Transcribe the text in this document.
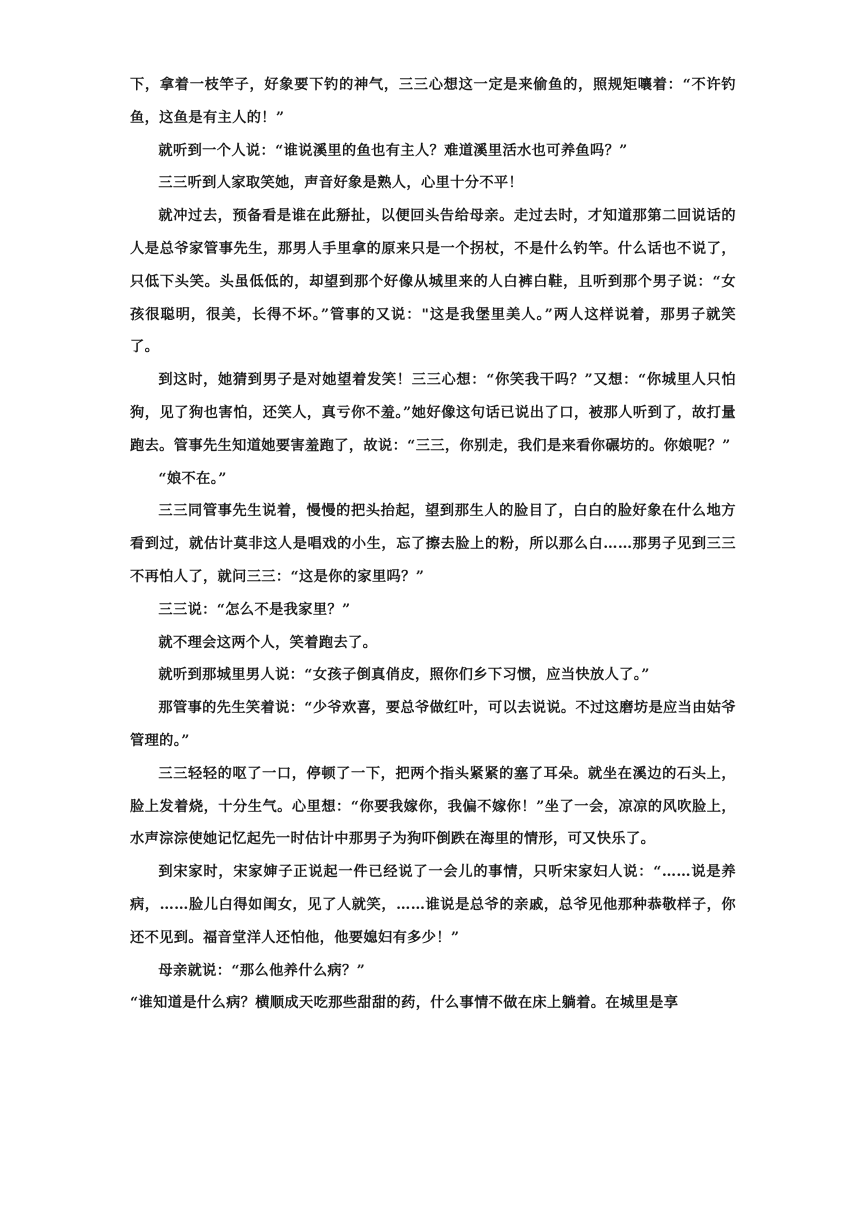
下，拿着一枝竿子，好象要下钓的神气，三三心想这一定是来偷鱼的，照规矩嚷着：“不许钓鱼，这鱼是有主人的！”

就听到一个人说：“谁说溪里的鱼也有主人？难道溪里活水也可养鱼吗？”

三三听到人家取笑她，声音好象是熟人，心里十分不平！

就冲过去，预备看是谁在此掰扯，以便回头告给母亲。走过去时，才知道那第二回说话的人是总爷家管事先生，那男人手里拿的原来只是一个拐杖，不是什么钓竿。什么话也不说了，只低下头笑。头虽低低的，却望到那个好像从城里来的人白裤白鞋，且听到那个男子说：“女孩很聪明，很美，长得不坏。”管事的又说："这是我堡里美人。”两人这样说着，那男子就笑了。

到这时，她猜到男子是对她望着发笑！三三心想：“你笑我干吗？”又想：“你城里人只怕狗，见了狗也害怕，还笑人，真亏你不羞。”她好像这句话已说出了口，被那人听到了，故打量跑去。管事先生知道她要害羞跑了，故说：“三三，你别走，我们是来看你碾坊的。你娘呢？”

“娘不在。”

三三同管事先生说着，慢慢的把头抬起，望到那生人的脸目了，白白的脸好象在什么地方看到过，就估计莫非这人是唱戏的小生，忘了擦去脸上的粉，所以那么白……那男子见到三三不再怕人了，就问三三：“这是你的家里吗？”

三三说：“怎么不是我家里？”

就不理会这两个人，笑着跑去了。

就听到那城里男人说：“女孩子倒真俏皮，照你们乡下习惯，应当快放人了。”

那管事的先生笑着说：“少爷欢喜，要总爷做红叶，可以去说说。不过这磨坊是应当由姑爷管理的。”

三三轻轻的呕了一口，停顿了一下，把两个指头紧紧的塞了耳朵。就坐在溪边的石头上，脸上发着烧，十分生气。心里想：“你要我嫁你，我偏不嫁你！”坐了一会，凉凉的风吹脸上，水声淙淙使她记忆起先一时估计中那男子为狗吓倒跌在海里的情形，可又快乐了。

到宋家时，宋家婶子正说起一件已经说了一会儿的事情，只听宋家妇人说：“……说是养病，……脸儿白得如闺女，见了人就笑，……谁说是总爷的亲戚，总爷见他那种恭敬样子，你还不见到。福音堂洋人还怕他，他要媳妇有多少！”

母亲就说：“那么他养什么病？”

“谁知道是什么病？横顺成天吃那些甜甜的药，什么事情不做在床上躺着。在城里是享
